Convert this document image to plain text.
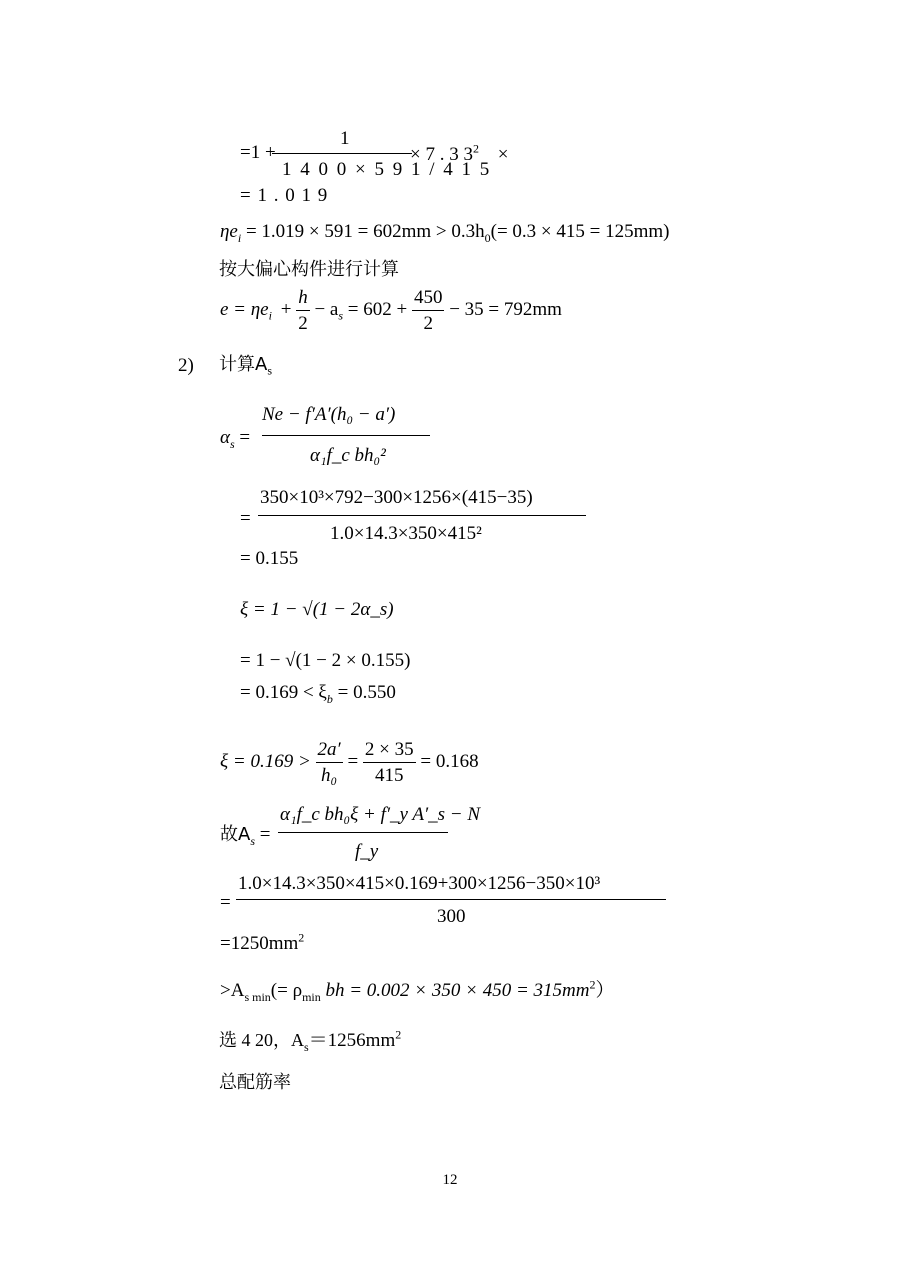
=1 +
1
1 4 0 0 × 5 9 1 / 4 1 5
× 7 . 3 $3^2$ ×
= 1 . 0 1 9
$\eta e_i = 1.019 \times 591 = 602mm > 0.3h_0(= 0.3 \times 415 = 125mm)$
按大偏心构件进行计算
$e = \eta e_i + \frac{h}{2} - a_s = 602 + \frac{450}{2} - 35 = 792mm$
2) 计算$A_s$
$\alpha_s$ =
Ne − f′A′(h₀ − a′)
α₁f_c bh₀²
=
350×10³×792−300×1256×(415−35)
1.0×14.3×350×415²
= 0.155
ξ = 1 − √(1 − 2α_s)
= 1 − √(1 − 2 × 0.155)
= $0.169 < \xi_b = 0.550$
$\xi = 0.169 > \frac{2a'}{\text{h₀}} = \frac{2 \times 35}{415} = 0.168$
故$A_s$ =
α₁f_c bh₀ξ + f′_y A′_s − N
f_y
=
1.0×14.3×350×415×0.169+300×1256−350×10³
300
$=1250mm^2$
$>A_{s min}(= \rho_{min}$ bh = $0.002 \times 350 \times 450 = 315mm^2$）
选 4 20，$A_s=1256mm^2$
总配筋率
12
